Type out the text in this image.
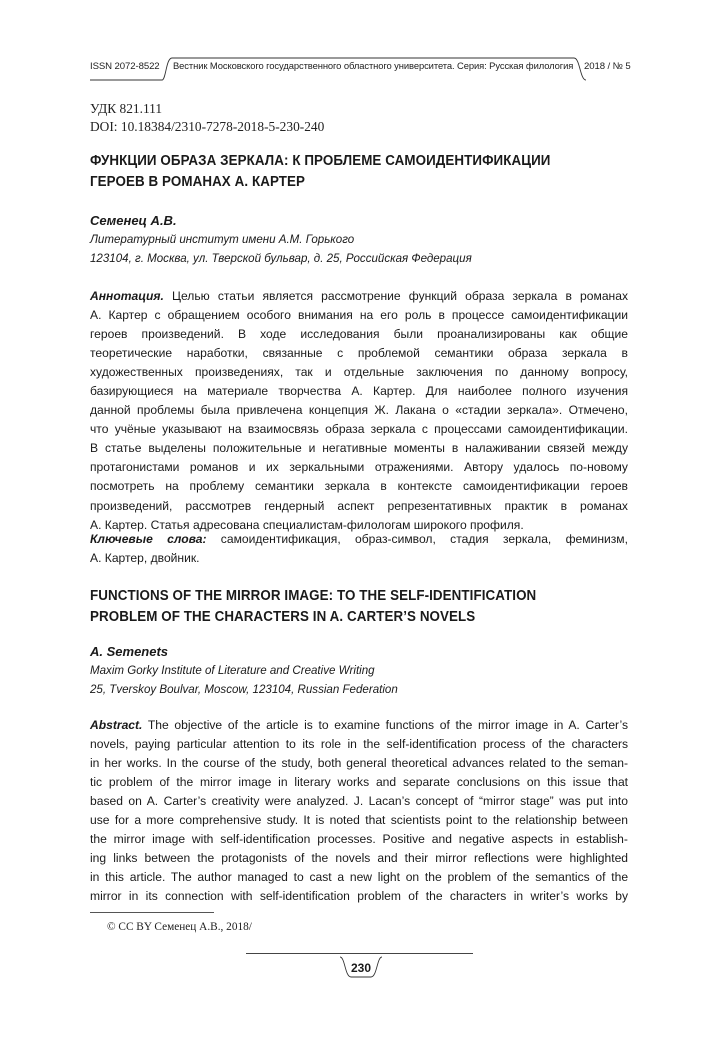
ISSN 2072-8522 Вестник Московского государственного областного университета. Серия: Русская филология 2018 / № 5
УДК 821.111
DOI: 10.18384/2310-7278-2018-5-230-240
ФУНКЦИИ ОБРАЗА ЗЕРКАЛА: К ПРОБЛЕМЕ САМОИДЕНТИФИКАЦИИ
ГЕРОЕВ В РОМАНАХ А. КАРТЕР
Семенец А.В.
Литературный институт имени А.М. Горького
123104, г. Москва, ул. Тверской бульвар, д. 25, Российская Федерация
Аннотация. Целью статьи является рассмотрение функций образа зеркала в романах
А. Картер с обращением особого внимания на его роль в процессе самоидентификации
героев произведений. В ходе исследования были проанализированы как общие
теоретические наработки, связанные с проблемой семантики образа зеркала в
художественных произведениях, так и отдельные заключения по данному вопросу,
базирующиеся на материале творчества А. Картер. Для наиболее полного изучения
данной проблемы была привлечена концепция Ж. Лакана о «стадии зеркала». Отмечено,
что учёные указывают на взаимосвязь образа зеркала с процессами самоидентификации.
В статье выделены положительные и негативные моменты в налаживании связей между
протагонистами романов и их зеркальными отражениями. Автору удалось по-новому
посмотреть на проблему семантики зеркала в контексте самоидентификации героев
произведений, рассмотрев гендерный аспект репрезентативных практик в романах
А. Картер. Статья адресована специалистам-филологам широкого профиля.
Ключевые слова: самоидентификация, образ-символ, стадия зеркала, феминизм,
А. Картер, двойник.
FUNCTIONS OF THE MIRROR IMAGE: TO THE SELF-IDENTIFICATION
PROBLEM OF THE CHARACTERS IN A. CARTER’S NOVELS
A. Semenets
Maxim Gorky Institute of Literature and Creative Writing
25, Tverskoy Boulvar, Moscow, 123104, Russian Federation
Abstract. The objective of the article is to examine functions of the mirror image in A. Carter’s
novels, paying particular attention to its role in the self-identification process of the characters
in her works. In the course of the study, both general theoretical advances related to the seman-
tic problem of the mirror image in literary works and separate conclusions on this issue that
based on A. Carter’s creativity were analyzed. J. Lacan’s concept of “mirror stage” was put into
use for a more comprehensive study. It is noted that scientists point to the relationship between
the mirror image with self-identification processes. Positive and negative aspects in establish-
ing links between the protagonists of the novels and their mirror reflections were highlighted
in this article. The author managed to cast a new light on the problem of the semantics of the
mirror in its connection with self-identification problem of the characters in writer’s works by
© CC BY Семенец А.В., 2018/
230
